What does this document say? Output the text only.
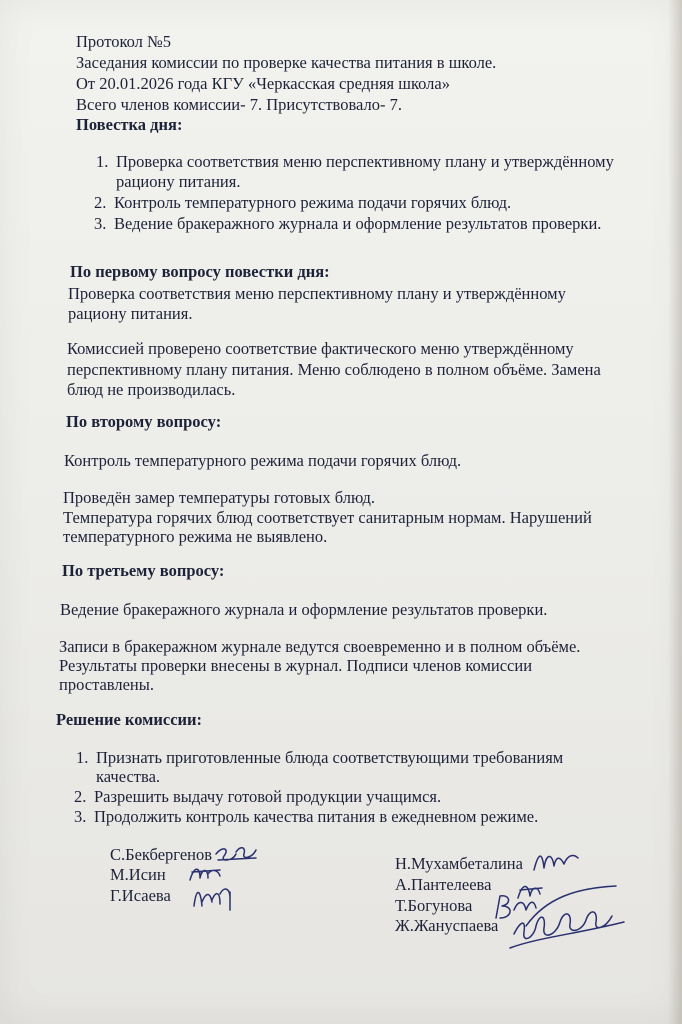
Протокол №5
Заседания комиссии по проверке качества питания в школе.
От 20.01.2026 года КГУ «Черкасская средняя школа»
Всего членов комиссии- 7. Присутствовало- 7.
Повестка дня:
1. Проверка соответствия меню перспективному плану и утверждённому
рациону питания.
2. Контроль температурного режима подачи горячих блюд.
3. Ведение бракеражного журнала и оформление результатов проверки.
По первому вопросу повестки дня:
Проверка соответствия меню перспективному плану и утверждённому
рациону питания.
Комиссией проверено соответствие фактического меню утверждённому
перспективному плану питания. Меню соблюдено в полном объёме. Замена
блюд не производилась.
По второму вопросу:
Контроль температурного режима подачи горячих блюд.
Проведён замер температуры готовых блюд.
Температура горячих блюд соответствует санитарным нормам. Нарушений
температурного режима не выявлено.
По третьему вопросу:
Ведение бракеражного журнала и оформление результатов проверки.
Записи в бракеражном журнале ведутся своевременно и в полном объёме.
Результаты проверки внесены в журнал. Подписи членов комиссии
проставлены.
Решение комиссии:
1. Признать приготовленные блюда соответствующими требованиям
качества.
2. Разрешить выдачу готовой продукции учащимся.
3. Продолжить контроль качества питания в ежедневном режиме.
С.Бекбергенов
М.Исин
Г.Исаева
Н.Мухамбеталина
А.Пантелеева
Т.Богунова
Ж.Жануспаева
